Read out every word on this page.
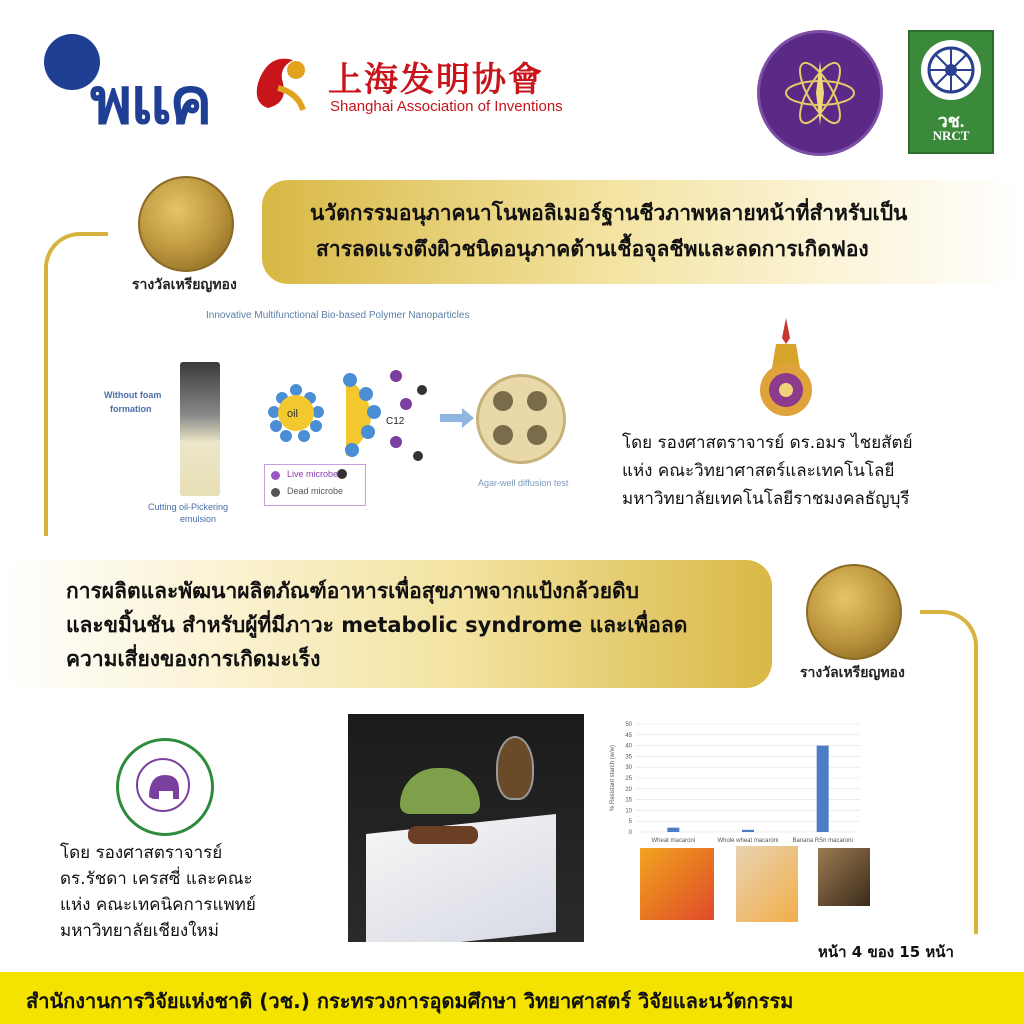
พแค	上海发明协會
Shanghai Association of Inventions
วช.
NRCT
รางวัลเหรียญทอง
นวัตกรรมอนุภาคนาโนพอลิเมอร์ฐานชีวภาพหลายหน้าที่สำหรับเป็น
สารลดแรงตึงผิวชนิดอนุภาคต้านเชื้อจุลชีพและลดการเกิดฟอง
Innovative Multifunctional Bio-based Polymer Nanoparticles
Without foam
formation
Cutting oil-Pickering
emulsion
oil
C12
Live microbe
Dead microbe
Agar-well diffusion test
โดย รองศาสตราจารย์ ดร.อมร ไชยสัตย์
แห่ง คณะวิทยาศาสตร์และเทคโนโลยี
มหาวิทยาลัยเทคโนโลยีราชมงคลธัญบุรี
การผลิตและพัฒนาผลิตภัณฑ์อาหารเพื่อสุขภาพจากแป้งกล้วยดิบ
และขมิ้นชัน สำหรับผู้ที่มีภาวะ metabolic syndrome และเพื่อลด
ความเสี่ยงของการเกิดมะเร็ง
รางวัลเหรียญทอง
โดย รองศาสตราจารย์
ดร.รัชดา เครสซี่ และคณะ
แห่ง คณะเทคนิคการแพทย์
มหาวิทยาลัยเชียงใหม่
0
5
10
15
20
25
30
35
40
45
50
% Resistant starch (w/w)
Wheat macaroni	Whole wheat macaroni Banana RSn macaroni
หน้า 4 ของ 15 หน้า
สำนักงานการวิจัยแห่งชาติ (วช.) กระทรวงการอุดมศึกษา วิทยาศาสตร์ วิจัยและนวัตกรรม
